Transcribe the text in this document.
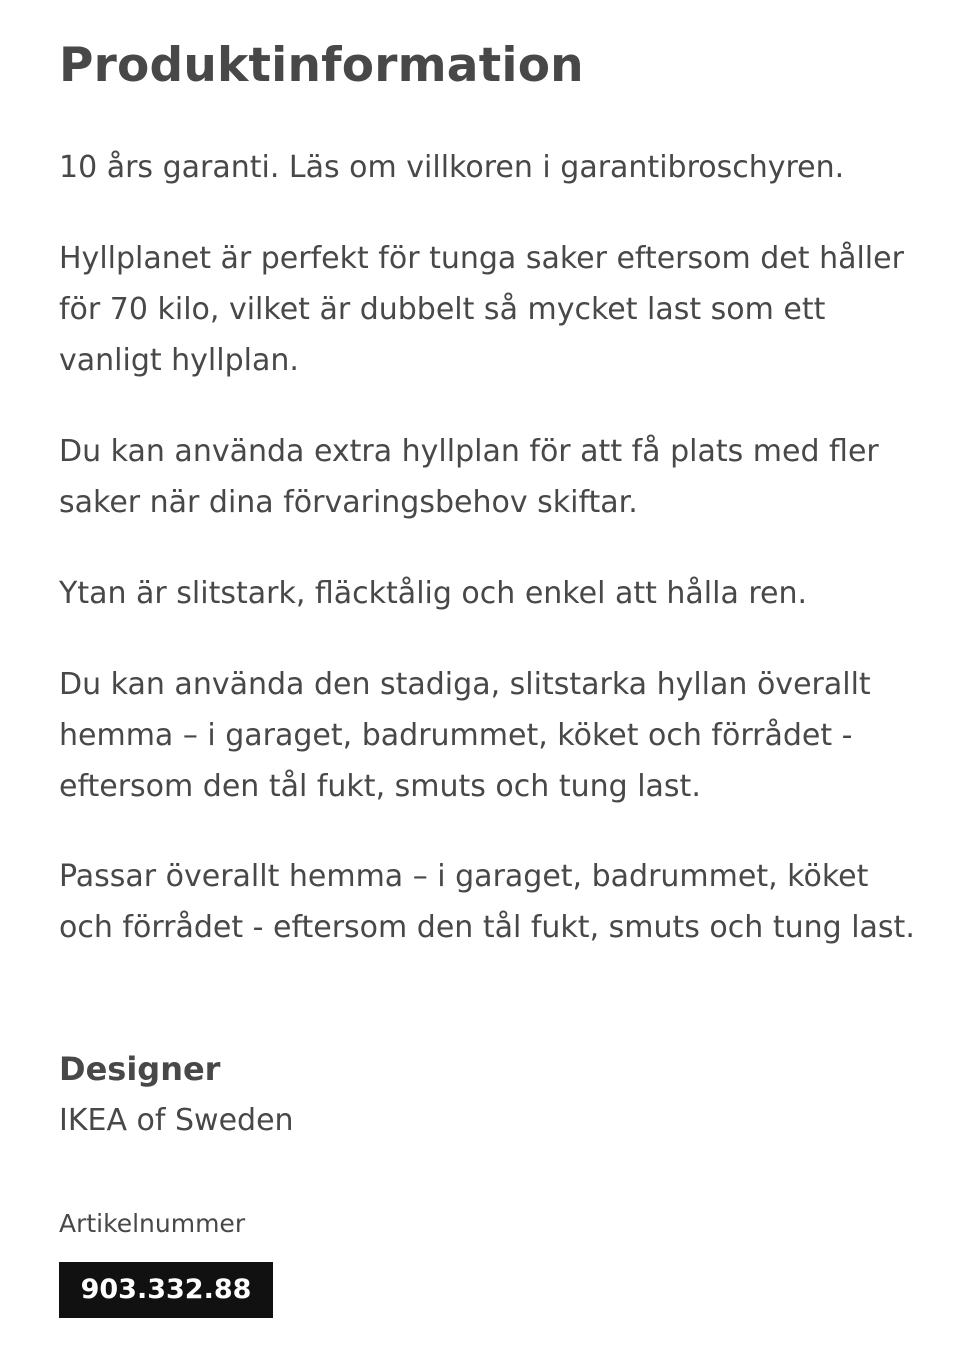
Produktinformation

10 års garanti. Läs om villkoren i garantibroschyren.

Hyllplanet är perfekt för tunga saker eftersom det håller för 70 kilo, vilket är dubbelt så mycket last som ett vanligt hyllplan.

Du kan använda extra hyllplan för att få plats med fler saker när dina förvaringsbehov skiftar.

Ytan är slitstark, fläcktålig och enkel att hålla ren.

Du kan använda den stadiga, slitstarka hyllan överallt hemma – i garaget, badrummet, köket och förrådet - eftersom den tål fukt, smuts och tung last.

Passar överallt hemma – i garaget, badrummet, köket och förrådet - eftersom den tål fukt, smuts och tung last.

Designer

IKEA of Sweden

Artikelnummer

903.332.88
